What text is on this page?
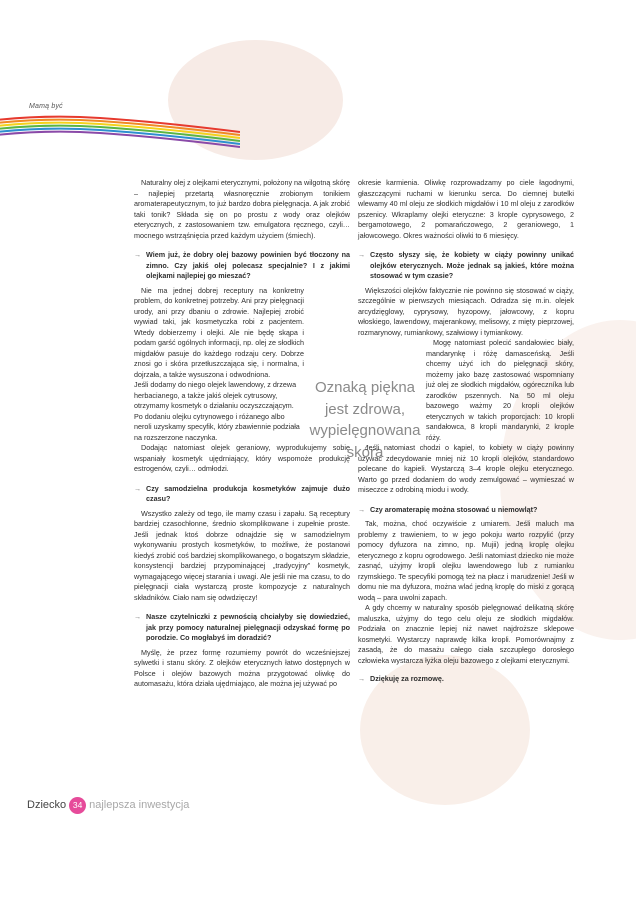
Mamą być

Naturalny olej z olejkami eterycznymi, położony na wilgotną skórę – najlepiej przetartą własnoręcznie zrobionym tonikiem aromaterapeutycznym, to już bardzo dobra pielęgnacja. A jak zrobić taki tonik? Składa się on po prostu z wody oraz olejków eterycznych, z zastosowaniem tzw. emulgatora ręcznego, czyli… mocnego wstrząśnięcia przed każdym użyciem (śmiech).

→ Wiem już, że dobry olej bazowy powinien być tłoczony na zimno. Czy jakiś olej polecasz specjalnie? I z jakimi olejkami najlepiej go mieszać?

Nie ma jednej dobrej receptury na konkretny problem, do konkretnej potrzeby. Ani przy pielęgnacji urody, ani przy dbaniu o zdrowie. Najlepiej zrobić wywiad taki, jak kosmetyczka robi z pacjentem. Wtedy dobierzemy i olejki. Ale nie będę skąpa i podam garść ogólnych informacji, np. olej ze słodkich migdałów pasuje do każdego rodzaju cery. Dobrze znosi go i skóra przetłuszczająca się, i normalna, i dojrzała, a także wysuszona i odwodniona.

Jeśli dodamy do niego olejek lawendowy, z drzewa herbacianego, a także jakiś olejek cytrusowy, otrzymamy kosmetyk o działaniu oczyszczającym. Po dodaniu olejku cytrynowego i różanego albo neroli uzyskamy specyfik, który zbawiennie podziała na rozszerzone naczynka.

Dodając natomiast olejek geraniowy, wyprodukujemy sobie wspaniały kosmetyk ujędrniający, który wspomoże produkcję estrogenów, czyli… odmłodzi.

→ Czy samodzielna produkcja kosmetyków zajmuje dużo czasu?

Wszystko zależy od tego, ile mamy czasu i zapału. Są receptury bardziej czasochłonne, średnio skomplikowane i zupełnie proste. Jeśli jednak ktoś dobrze odnajdzie się w samodzielnym wykonywaniu prostych kosmetyków, to możliwe, że postanowi kiedyś zrobić coś bardziej skomplikowanego, o bogatszym składzie, konsystencji bardziej przypominającej „tradycyjny” kosmetyk, wymagającego więcej starania i uwagi. Ale jeśli nie ma czasu, to do pielęgnacji ciała wystarczą proste kompozycje z naturalnych składników. Ciało nam się odwdzięczy!

→ Nasze czytelniczki z pewnością chciałyby się dowiedzieć, jak przy pomocy naturalnej pielęgnacji odzyskać formę po porodzie. Co mogłabyś im doradzić?

Myślę, że przez formę rozumiemy powrót do wcześniejszej sylwetki i stanu skóry. Z olejków eterycznych łatwo dostępnych w Polsce i olejów bazowych można przygotować oliwkę do automasażu, która działa ujędrniająco, ale można jej używać po

Oznaką piękna
jest zdrowa,
wypielęgnowana
skóra

okresie karmienia. Oliwkę rozprowadzamy po ciele łagodnymi, głaszczącymi ruchami w kierunku serca. Do ciemnej butelki wlewamy 40 ml oleju ze słodkich migdałów i 10 ml oleju z zarodków pszenicy. Wkraplamy olejki eteryczne: 3 krople cyprysowego, 2 bergamotowego, 2 pomarańczowego, 2 geraniowego, 1 jałowcowego. Okres ważności oliwki to 6 miesięcy.

→ Często słyszy się, że kobiety w ciąży powinny unikać olejków eterycznych. Może jednak są jakieś, które można stosować w tym czasie?

Większości olejków faktycznie nie powinno się stosować w ciąży, szczególnie w pierwszych miesiącach. Odradza się m.in. olejek arcydzięglowy, cyprysowy, hyzopowy, jałowcowy, z kopru włoskiego, lawendowy, majerankowy, melisowy, z mięty pieprzowej, rozmarynowy, rumiankowy, szałwiowy i tymiankowy.

Mogę natomiast polecić sandałowiec biały, mandarynkę i różę damasceńską. Jeśli chcemy użyć ich do pielęgnacji skóry, możemy jako bazę zastosować wspomniany już olej ze słodkich migdałów, ogóreczníka lub zarodków pszennych. Na 50 ml oleju bazowego ważmy 20 kropli olejków eterycznych w takich proporcjach: 10 kropli sandałowca, 8 kropli mandarynki, 2 krople róży.

Jeśli natomiast chodzi o kąpiel, to kobiety w ciąży powinny używać zdecydowanie mniej niż 10 kropli olejków, standardowo polecane do kąpieli. Wystarczą 3–4 krople olejku eterycznego. Warto go przed dodaniem do wody zemulgować – wymieszać w miseczce z odrobiną miodu i wody.

→ Czy aromaterapię można stosować u niemowląt?

Tak, można, choć oczywiście z umiarem. Jeśli maluch ma problemy z trawieniem, to w jego pokoju warto rozpylić (przy pomocy dyfuzora na zimno, np. Mujii) jedną kroplę olejku eterycznego z kopru ogrodowego. Jeśli natomiast dziecko nie może zasnąć, użyjmy kropli olejku lawendowego lub z rumianku rzymskiego. Te specyfiki pomogą też na płacz i marudzenie! Jeśli w domu nie ma dyfuzora, można wlać jedną kroplę do miski z gorącą wodą – para uwolni zapach.

A gdy chcemy w naturalny sposób pielęgnować delikatną skórę maluszka, użyjmy do tego celu oleju ze słodkich migdałów. Podziała on znacznie lepiej niż nawet najdroższe sklepowe kosmetyki. Wystarczy naprawdę kilka kropli. Pomorównajmy z zasadą, że do masażu całego ciała szczupłego dorosłego człowieka wystarcza łyżka oleju bazowego z olejkami eterycznymi.

→ Dziękuję za rozmowę.
Dziecko 34 najlepsza inwestycja
